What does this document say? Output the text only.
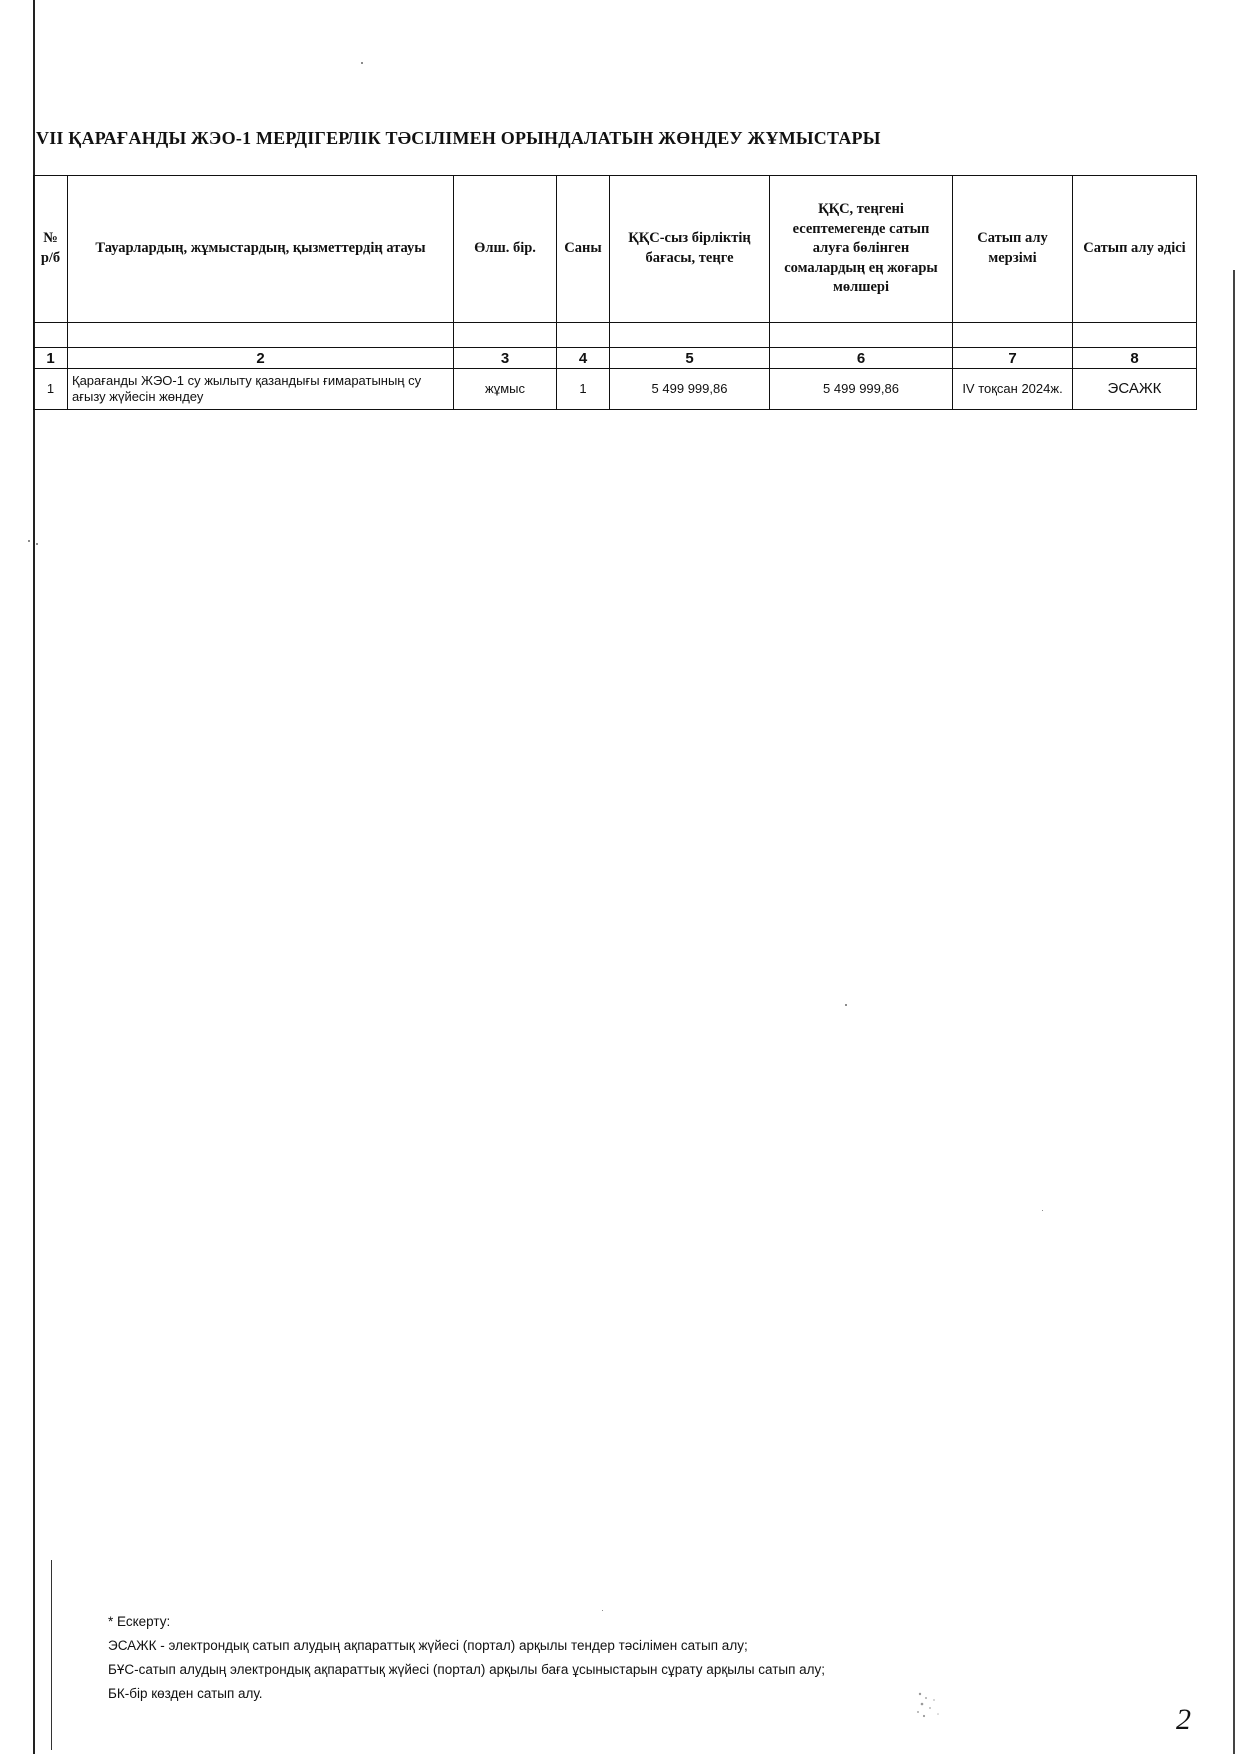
VII ҚАРАҒАНДЫ ЖЭО-1 МЕРДІГЕРЛІК ТӘСІЛІМЕН ОРЫНДАЛАТЫН ЖӨНДЕУ ЖҰМЫСТАРЫ
№ р/б	Тауарлардың, жұмыстардың, қызметтердің атауы	Өлш. бір.	Саны	ҚҚС-сыз бірліктің бағасы, теңге	ҚҚС, теңгені есептемегенде сатып алуға бөлінген сомалардың ең жоғары мөлшері	Сатып алу мерзімі	Сатып алу әдісі

1	2	3	4	5	6	7	8
1	Қарағанды ЖЭО-1 су жылыту қазандығы ғимаратының су ағызу жүйесін жөндеу	жұмыс	1	5 499 999,86	5 499 999,86	IV тоқсан 2024ж.	ЭСАЖК
* Ескерту:
ЭСАЖК - электрондық сатып алудың ақпараттық жүйесі (портал) арқылы тендер тәсілімен сатып алу;
БҰС-сатып алудың электрондық ақпараттық жүйесі (портал) арқылы баға ұсыныстарын сұрату арқылы сатып алу;
БК-бір көзден сатып алу.
2
